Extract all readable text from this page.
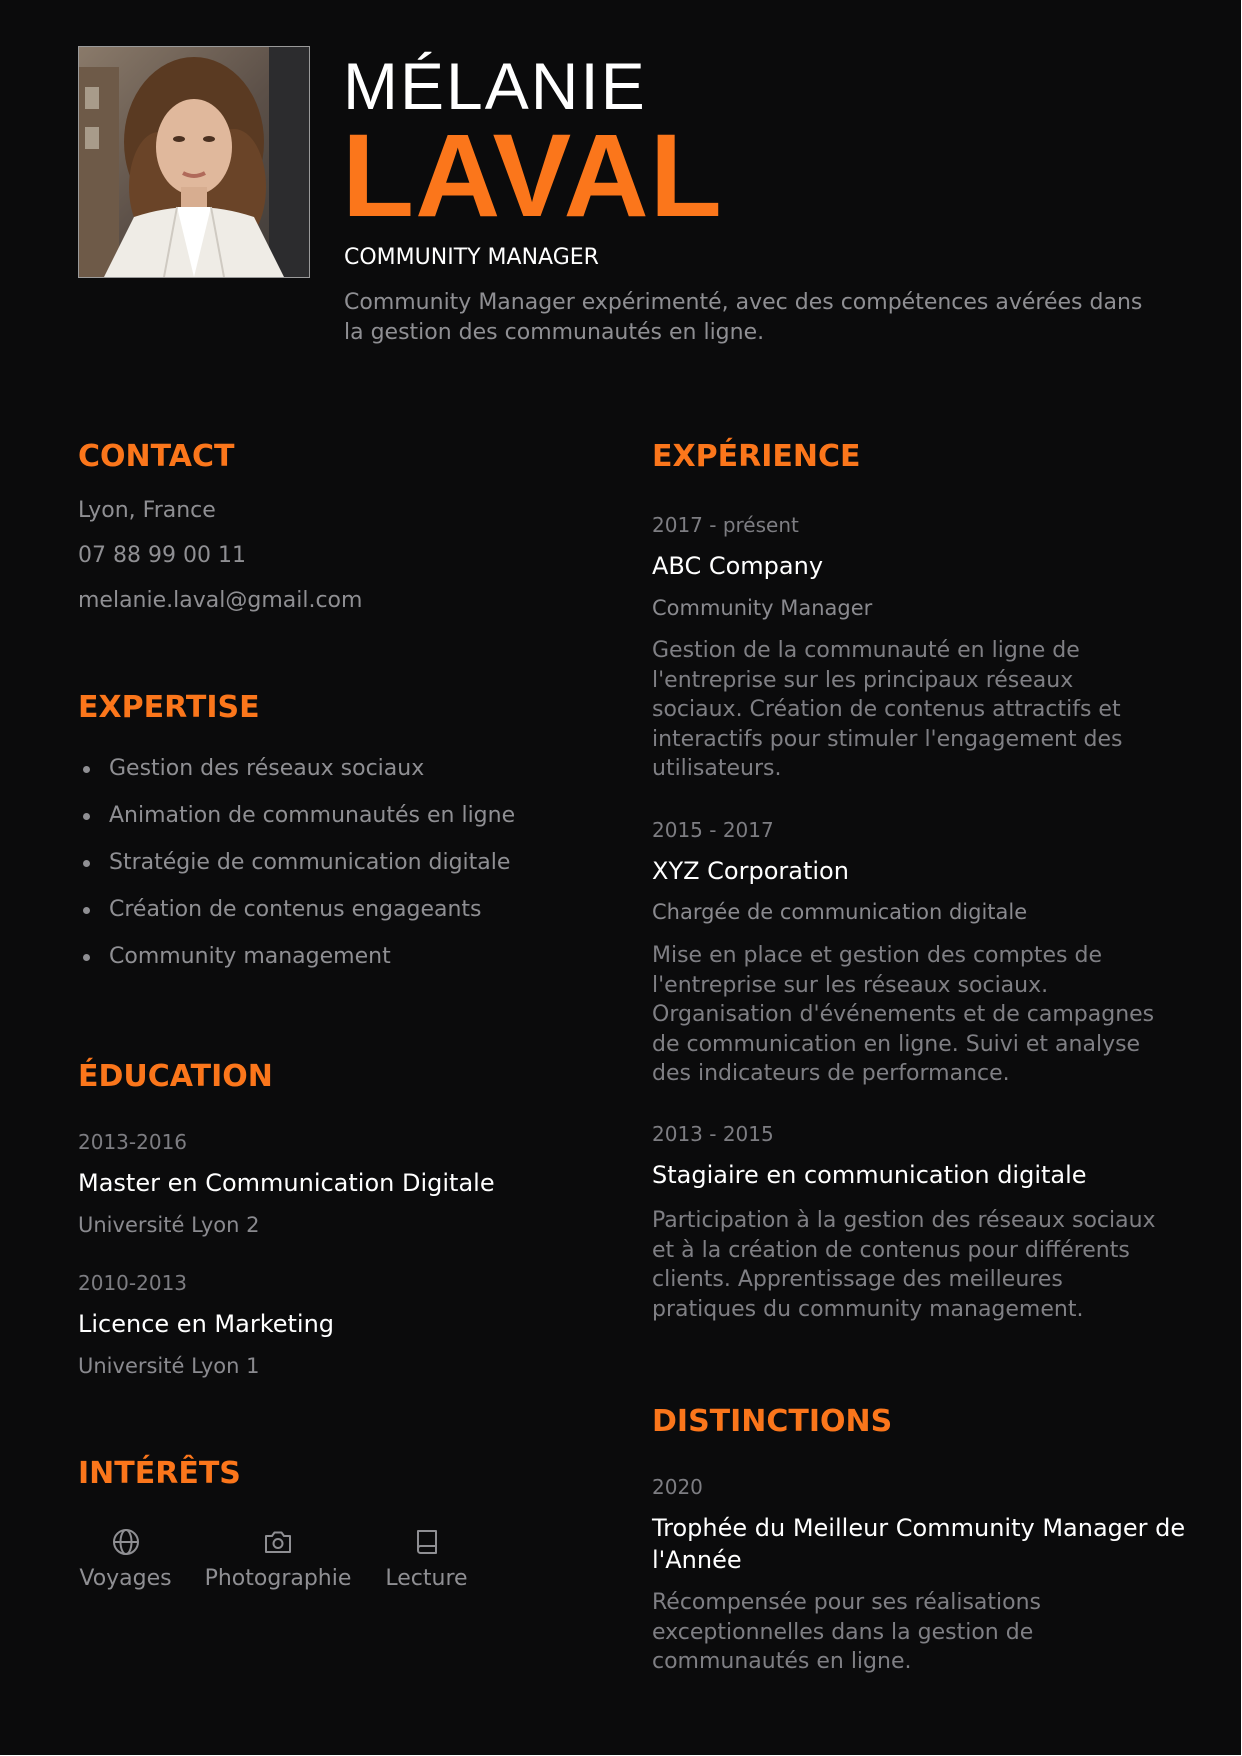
MÉLANIE
LAVAL
COMMUNITY MANAGER
Community Manager expérimenté, avec des compétences avérées dans la gestion des communautés en ligne.
CONTACT
Lyon, France
07 88 99 00 11
melanie.laval@gmail.com
EXPERTISE
Gestion des réseaux sociaux
Animation de communautés en ligne
Stratégie de communication digitale
Création de contenus engageants
Community management
ÉDUCATION
2013-2016
Master en Communication Digitale
Université Lyon 2
2010-2013
Licence en Marketing
Université Lyon 1
INTÉRÊTS
Voyages Photographie Lecture
EXPÉRIENCE
2017 - présent
ABC Company
Community Manager
Gestion de la communauté en ligne de l'entreprise sur les principaux réseaux sociaux. Création de contenus attractifs et interactifs pour stimuler l'engagement des utilisateurs.
2015 - 2017
XYZ Corporation
Chargée de communication digitale
Mise en place et gestion des comptes de l'entreprise sur les réseaux sociaux. Organisation d'événements et de campagnes de communication en ligne. Suivi et analyse des indicateurs de performance.
2013 - 2015
Stagiaire en communication digitale
Participation à la gestion des réseaux sociaux et à la création de contenus pour différents clients. Apprentissage des meilleures pratiques du community management.
DISTINCTIONS
2020
Trophée du Meilleur Community Manager de l'Année
Récompensée pour ses réalisations exceptionnelles dans la gestion de communautés en ligne.
